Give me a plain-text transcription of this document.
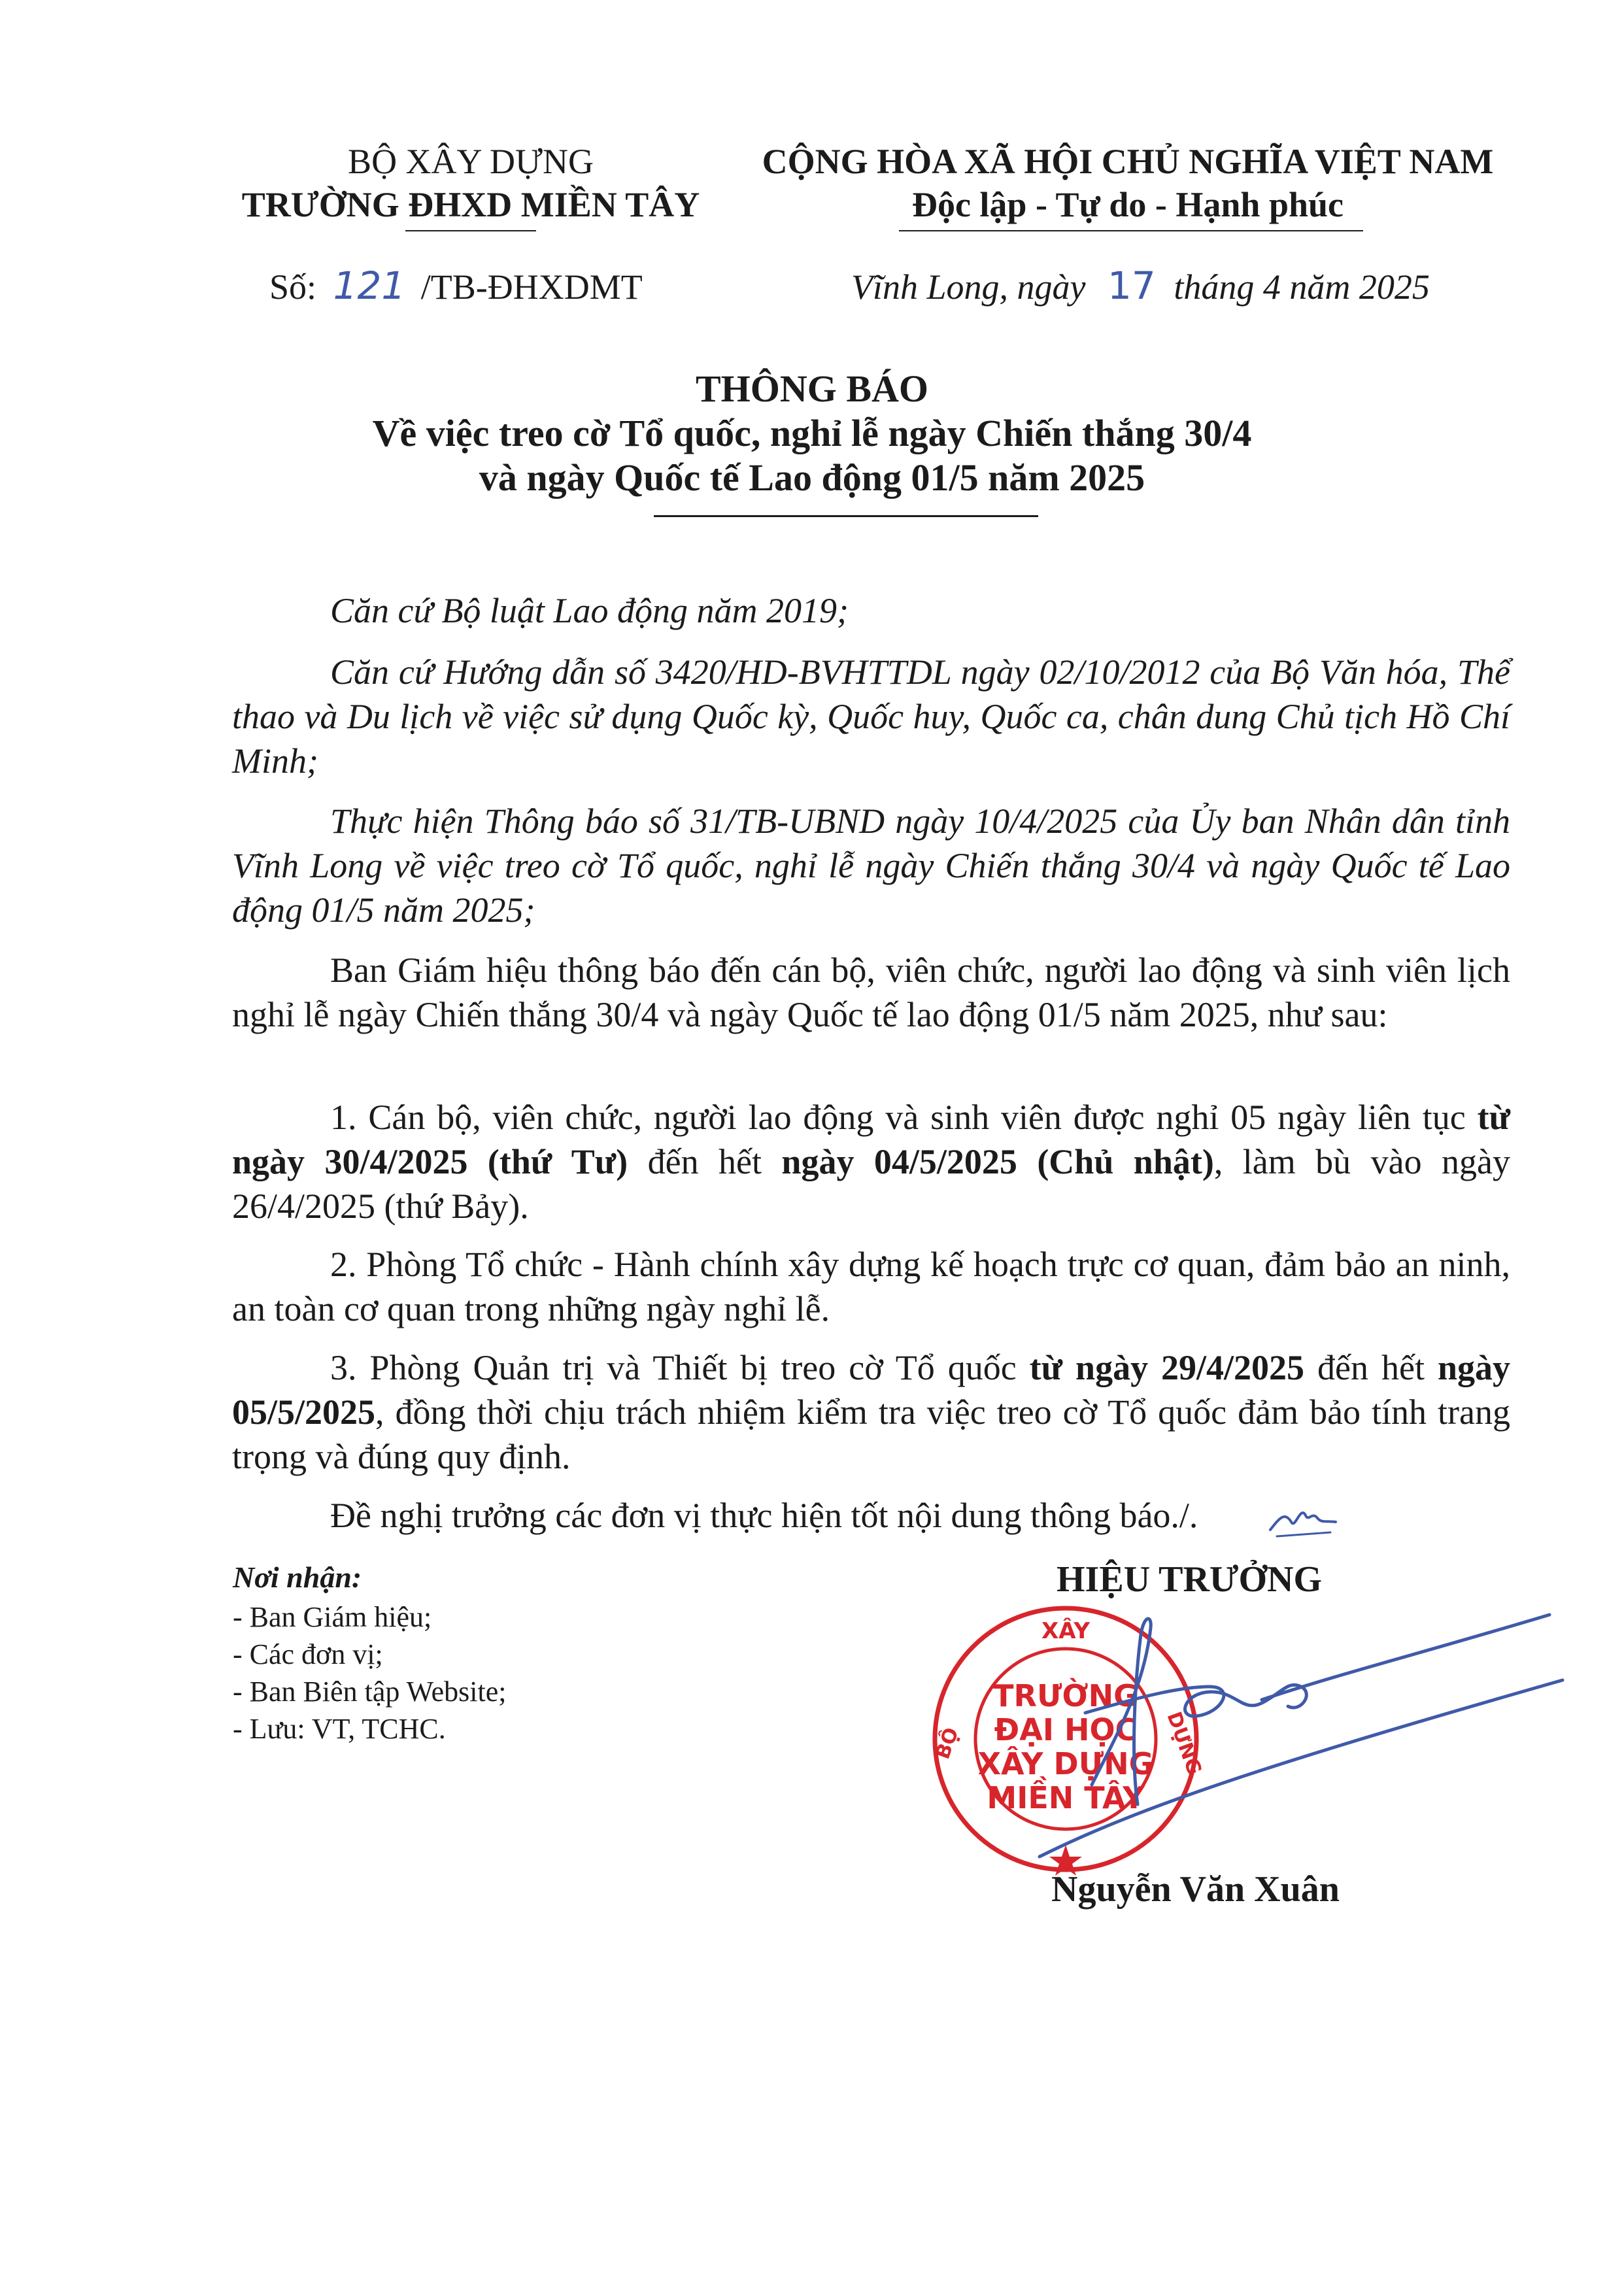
BỘ XÂY DỰNG
TRƯỜNG ĐHXD MIỀN TÂY
Số: 121 /TB-ĐHXDMT
CỘNG HÒA XÃ HỘI CHỦ NGHĨA VIỆT NAM
Độc lập - Tự do - Hạnh phúc
Vĩnh Long, ngày 17 tháng 4 năm 2025
THÔNG BÁO
Về việc treo cờ Tổ quốc, nghỉ lễ ngày Chiến thắng 30/4
và ngày Quốc tế Lao động 01/5 năm 2025
Căn cứ Bộ luật Lao động năm 2019;
Căn cứ Hướng dẫn số 3420/HD-BVHTTDL ngày 02/10/2012 của Bộ Văn hóa, Thể thao và Du lịch về việc sử dụng Quốc kỳ, Quốc huy, Quốc ca, chân dung Chủ tịch Hồ Chí Minh;
Thực hiện Thông báo số 31/TB-UBND ngày 10/4/2025 của Ủy ban Nhân dân tỉnh Vĩnh Long về việc treo cờ Tổ quốc, nghỉ lễ ngày Chiến thắng 30/4 và ngày Quốc tế Lao động 01/5 năm 2025;
Ban Giám hiệu thông báo đến cán bộ, viên chức, người lao động và sinh viên lịch nghỉ lễ ngày Chiến thắng 30/4 và ngày Quốc tế lao động 01/5 năm 2025, như sau:
1. Cán bộ, viên chức, người lao động và sinh viên được nghỉ 05 ngày liên tục từ ngày 30/4/2025 (thứ Tư) đến hết ngày 04/5/2025 (Chủ nhật), làm bù vào ngày 26/4/2025 (thứ Bảy).
2. Phòng Tổ chức - Hành chính xây dựng kế hoạch trực cơ quan, đảm bảo an ninh, an toàn cơ quan trong những ngày nghỉ lễ.
3. Phòng Quản trị và Thiết bị treo cờ Tổ quốc từ ngày 29/4/2025 đến hết ngày 05/5/2025, đồng thời chịu trách nhiệm kiểm tra việc treo cờ Tổ quốc đảm bảo tính trang trọng và đúng quy định.
Đề nghị trưởng các đơn vị thực hiện tốt nội dung thông báo./.
Nơi nhận:
- Ban Giám hiệu;
- Các đơn vị;
- Ban Biên tập Website;
- Lưu: VT, TCHC.
HIỆU TRƯỞNG
XÂY
TRƯỜNG
ĐẠI HỌC
XÂY DỰNG
MIỀN TÂY
BỘ	DỰNG
Nguyễn Văn Xuân
